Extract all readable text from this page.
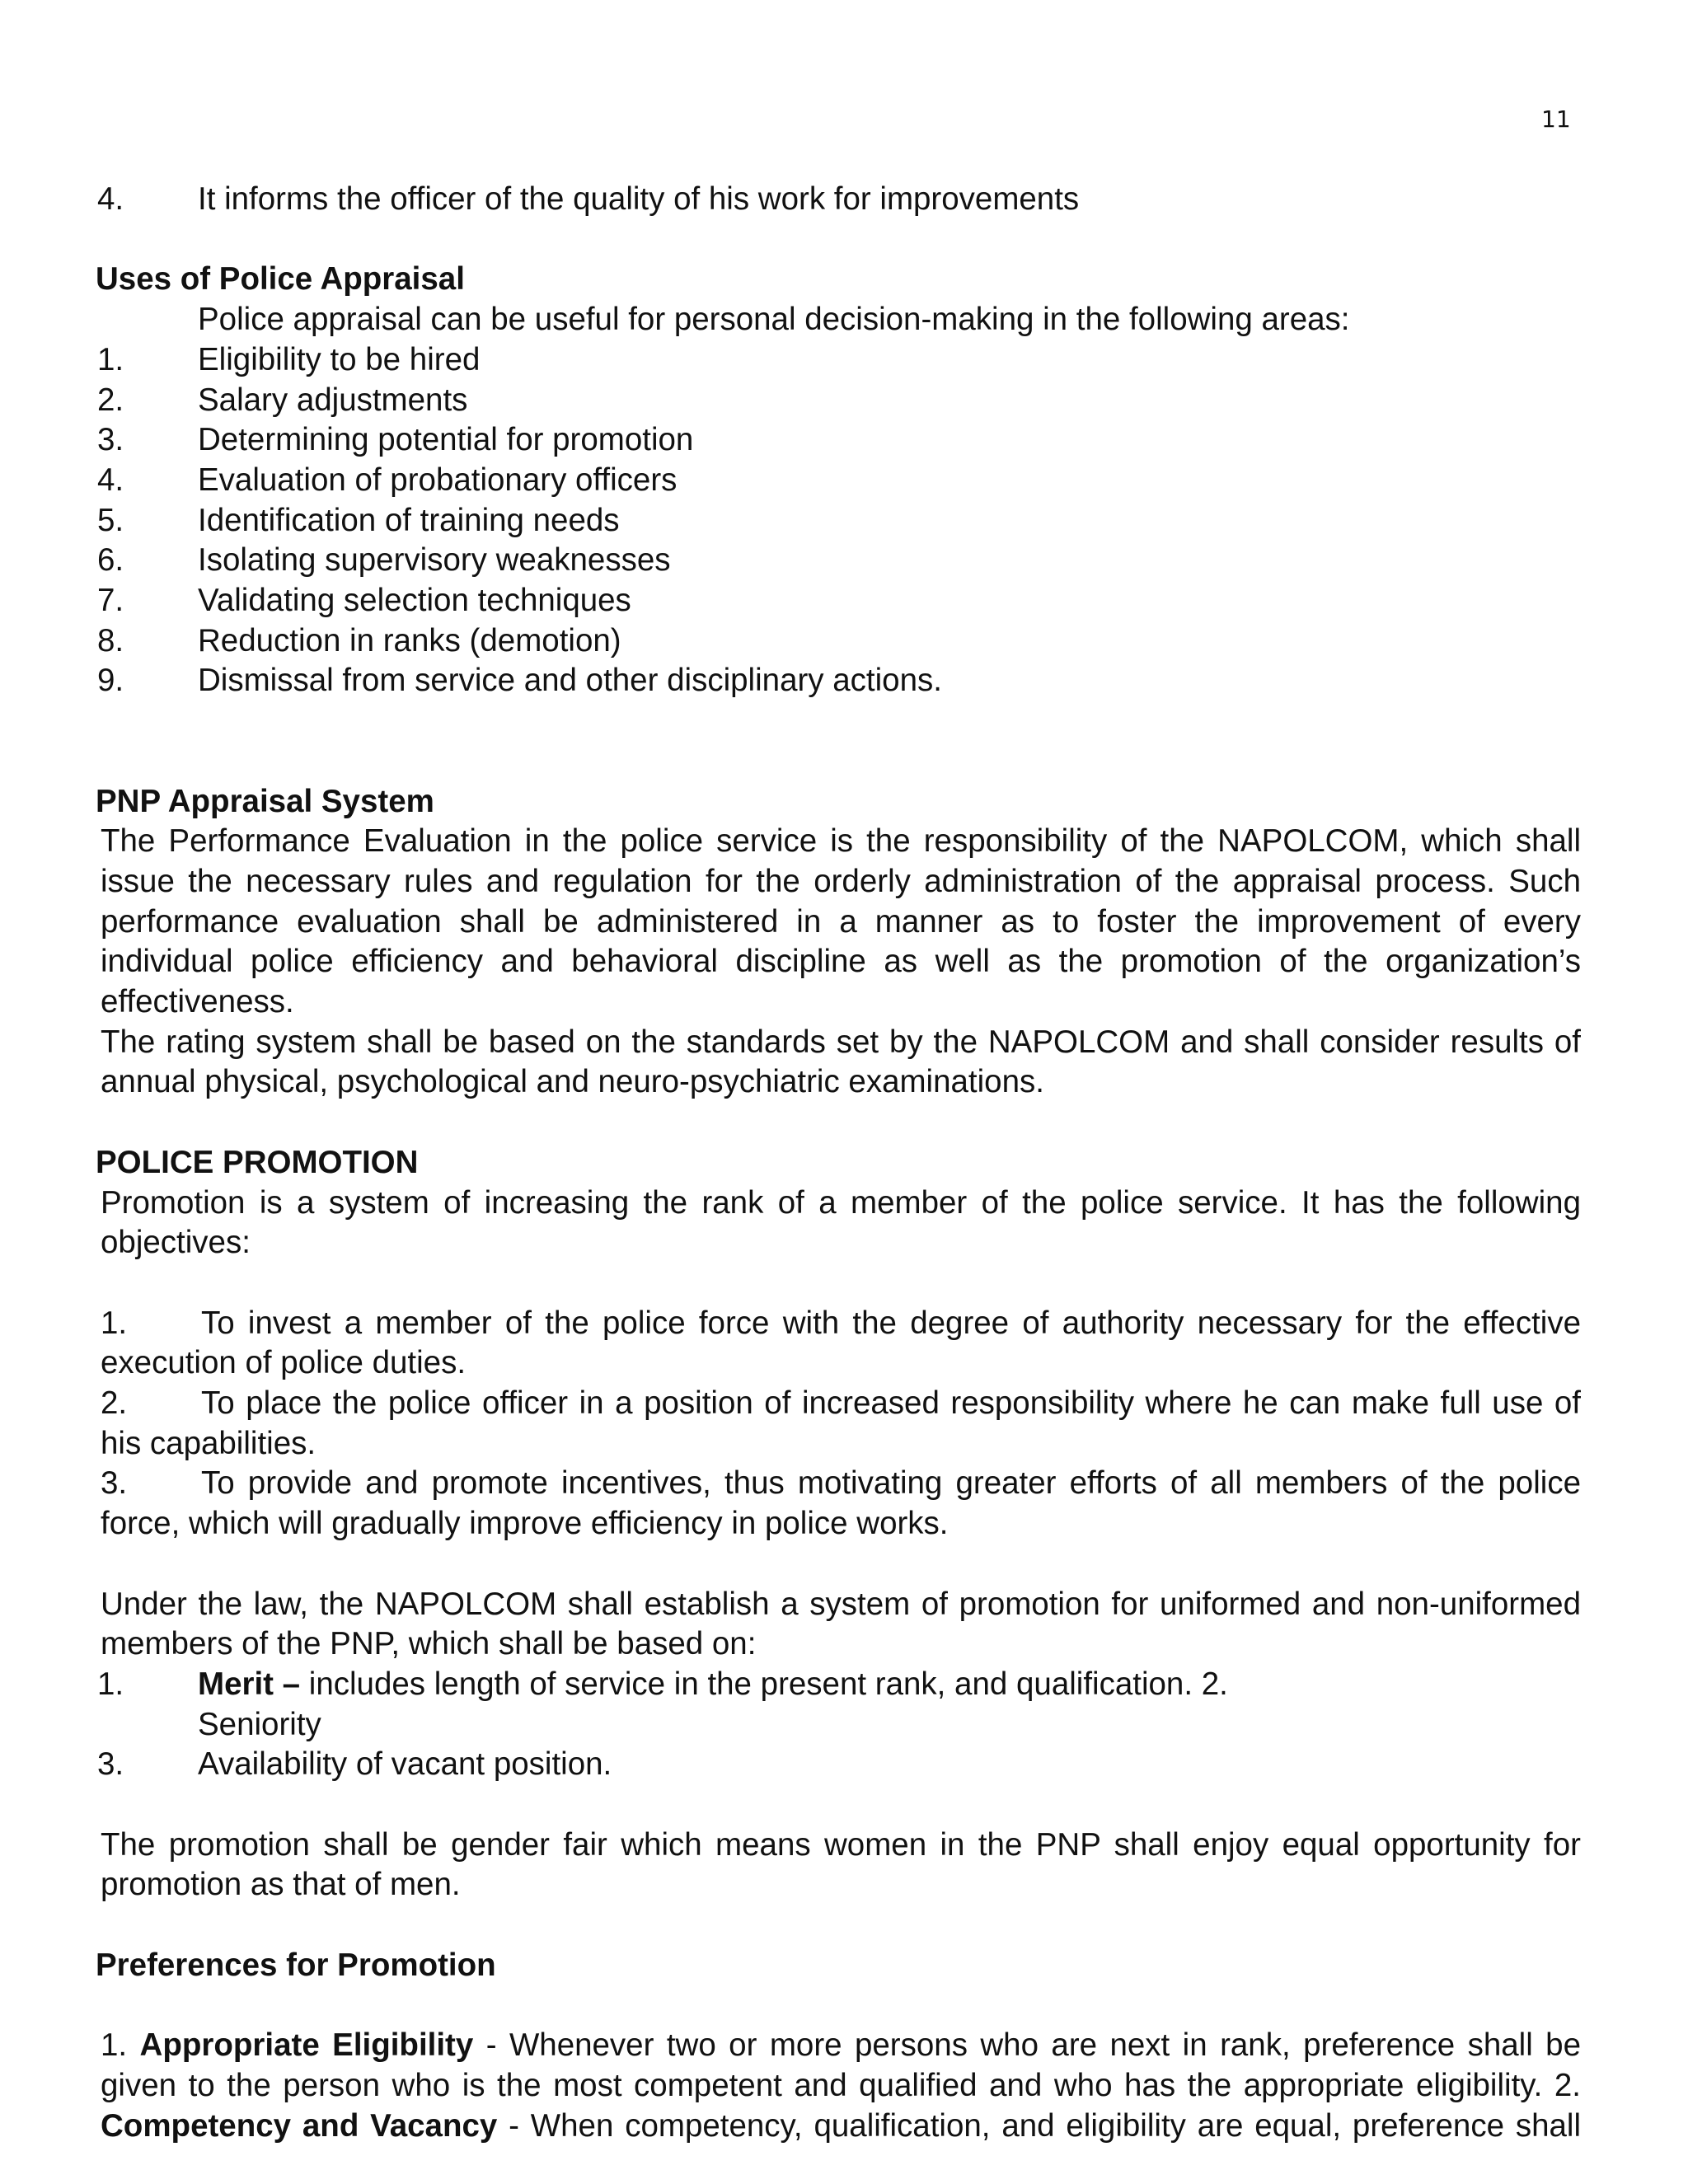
11
4. It informs the officer of the quality of his work for improvements
Uses of Police Appraisal
Police appraisal can be useful for personal decision-making in the following areas:
1. Eligibility to be hired
2. Salary adjustments
3. Determining potential for promotion
4. Evaluation of probationary officers
5. Identification of training needs
6. Isolating supervisory weaknesses
7. Validating selection techniques
8. Reduction in ranks (demotion)
9. Dismissal from service and other disciplinary actions.
PNP Appraisal System
The Performance Evaluation in the police service is the responsibility of the NAPOLCOM, which shall issue the necessary rules and regulation for the orderly administration of the appraisal process. Such performance evaluation shall be administered in a manner as to foster the improvement of every individual police efficiency and behavioral discipline as well as the promotion of the organization’s effectiveness.
The rating system shall be based on the standards set by the NAPOLCOM and shall consider results of annual physical, psychological and neuro-psychiatric examinations.
POLICE PROMOTION
Promotion is a system of increasing the rank of a member of the police service. It has the following objectives:
1. To invest a member of the police force with the degree of authority necessary for the effective execution of police duties.
2. To place the police officer in a position of increased responsibility where he can make full use of his capabilities.
3. To provide and promote incentives, thus motivating greater efforts of all members of the police force, which will gradually improve efficiency in police works.
Under the law, the NAPOLCOM shall establish a system of promotion for uniformed and non-uniformed members of the PNP, which shall be based on:
1. Merit – includes length of service in the present rank, and qualification. 2.
Seniority
3. Availability of vacant position.
The promotion shall be gender fair which means women in the PNP shall enjoy equal opportunity for promotion as that of men.
Preferences for Promotion
1. Appropriate Eligibility - Whenever two or more persons who are next in rank, preference shall be given to the person who is the most competent and qualified and who has the appropriate eligibility. 2. Competency and Vacancy - When competency, qualification, and eligibility are equal, preference shall
